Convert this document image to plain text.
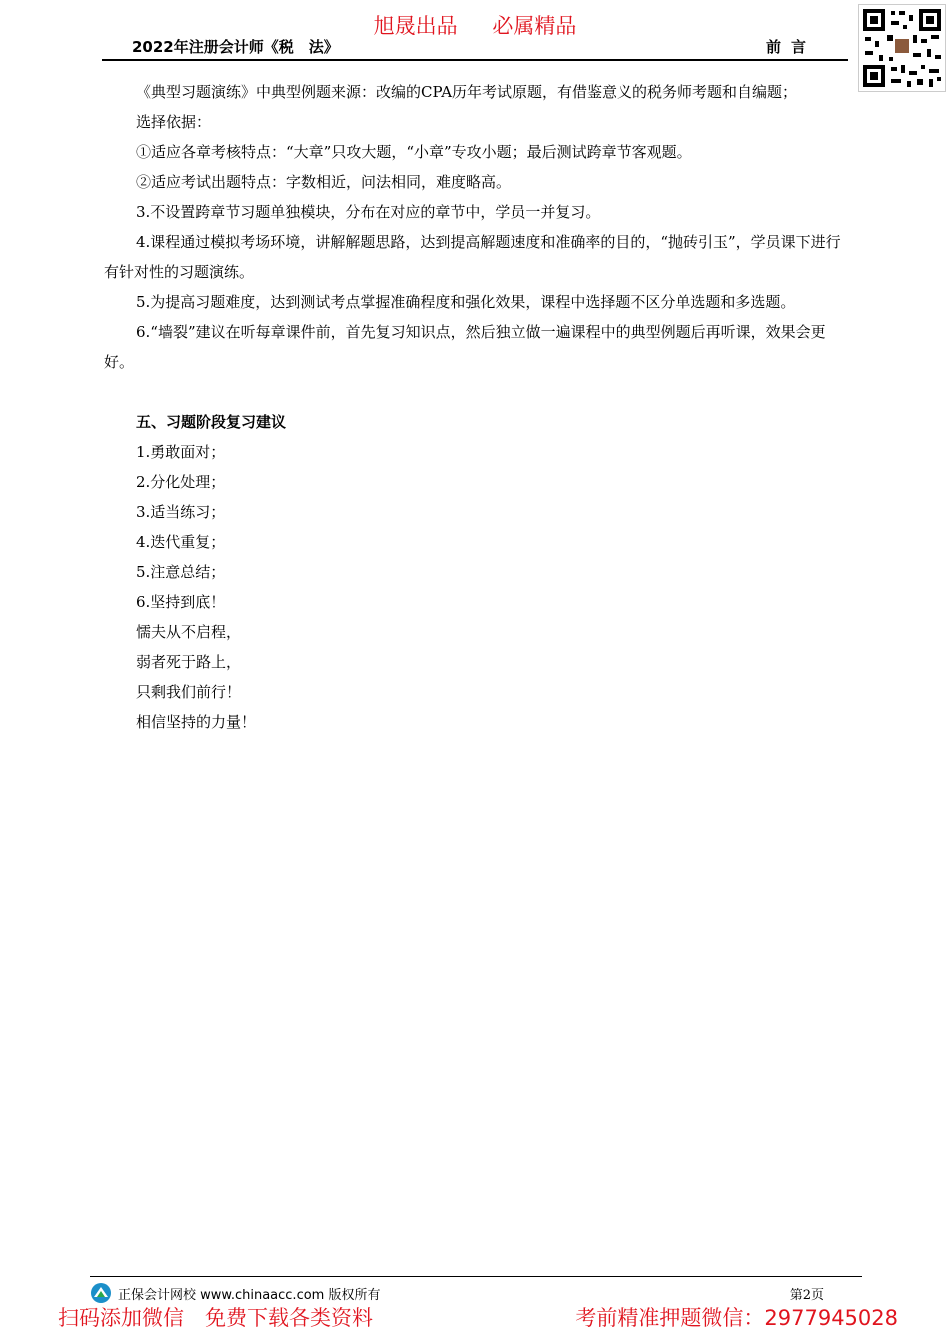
旭晟出品 必属精品
2022年注册会计师《税　法》	前言

《典型习题演练》中典型例题来源：改编的CPA历年考试原题，有借鉴意义的税务师考题和自编题；

选择依据：

①适应各章考核特点：“大章”只攻大题，“小章”专攻小题；最后测试跨章节客观题。

②适应考试出题特点：字数相近，问法相同，难度略高。

3.不设置跨章节习题单独模块，分布在对应的章节中，学员一并复习。

4.课程通过模拟考场环境，讲解解题思路，达到提高解题速度和准确率的目的，“抛砖引玉”，学员课下进行有针对性的习题演练。

5.为提高习题难度，达到测试考点掌握准确程度和强化效果，课程中选择题不区分单选题和多选题。

6.“墙裂”建议在听每章课件前，首先复习知识点，然后独立做一遍课程中的典型例题后再听课，效果会更好。

五、习题阶段复习建议

1.勇敢面对；

2.分化处理；

3.适当练习；

4.迭代重复；

5.注意总结；

6.坚持到底！

懦夫从不启程，

弱者死于路上，

只剩我们前行！

相信坚持的力量！

正保会计网校 www.chinaacc.com 版权所有	第2页
扫码添加微信　免费下载各类资料	考前精准押题微信：2977945028
